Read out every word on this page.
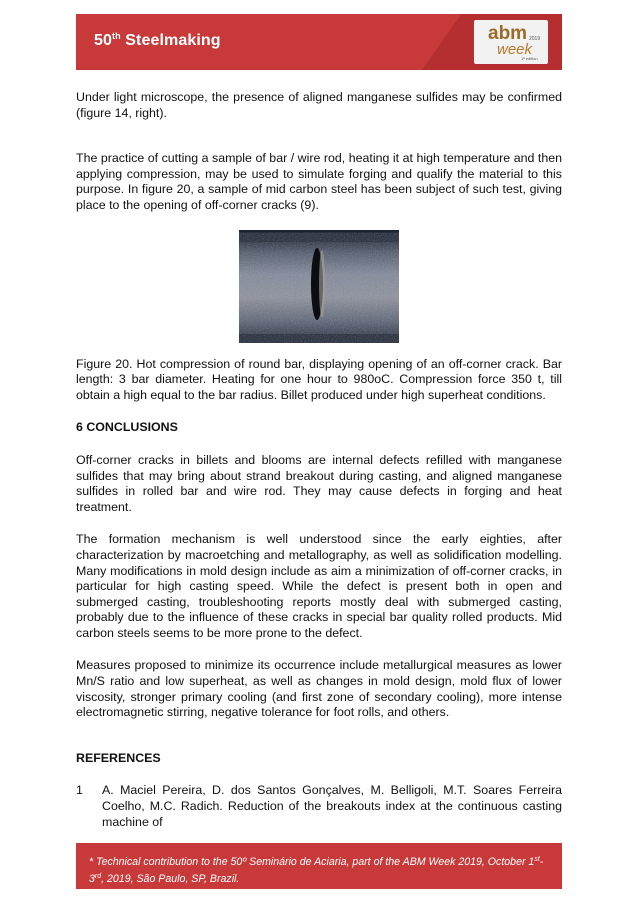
50th Steelmaking	abm
week
2019
1ª edition

Under light microscope, the presence of aligned manganese sulfides may be confirmed (figure 14, right).

The practice of cutting a sample of bar / wire rod, heating it at high temperature and then applying compression, may be used to simulate forging and qualify the material to this purpose. In figure 20, a sample of mid carbon steel has been subject of such test, giving place to the opening of off-corner cracks (9).

Figure 20. Hot compression of round bar, displaying opening of an off-corner crack. Bar length: 3 bar diameter. Heating for one hour to 980oC. Compression force 350 t, till obtain a high equal to the bar radius. Billet produced under high superheat conditions.

6 CONCLUSIONS

Off-corner cracks in billets and blooms are internal defects refilled with manganese sulfides that may bring about strand breakout during casting, and aligned manganese sulfides in rolled bar and wire rod. They may cause defects in forging and heat treatment.

The formation mechanism is well understood since the early eighties, after characterization by macroetching and metallography, as well as solidification modelling. Many modifications in mold design include as aim a minimization of off-corner cracks, in particular for high casting speed. While the defect is present both in open and submerged casting, troubleshooting reports mostly deal with submerged casting, probably due to the influence of these cracks in special bar quality rolled products. Mid carbon steels seems to be more prone to the defect.

Measures proposed to minimize its occurrence include metallurgical measures as lower Mn/S ratio and low superheat, as well as changes in mold design, mold flux of lower viscosity, stronger primary cooling (and first zone of secondary cooling), more intense electromagnetic stirring, negative tolerance for foot rolls, and others.

REFERENCES

1	A. Maciel Pereira, D. dos Santos Gonçalves, M. Belligoli, M.T. Soares Ferreira Coelho, M.C. Radich. Reduction of the breakouts index at the continuous casting machine of
* Technical contribution to the 50º Seminário de Aciaria, part of the ABM Week 2019, October 1st-3rd, 2019, São Paulo, SP, Brazil.
